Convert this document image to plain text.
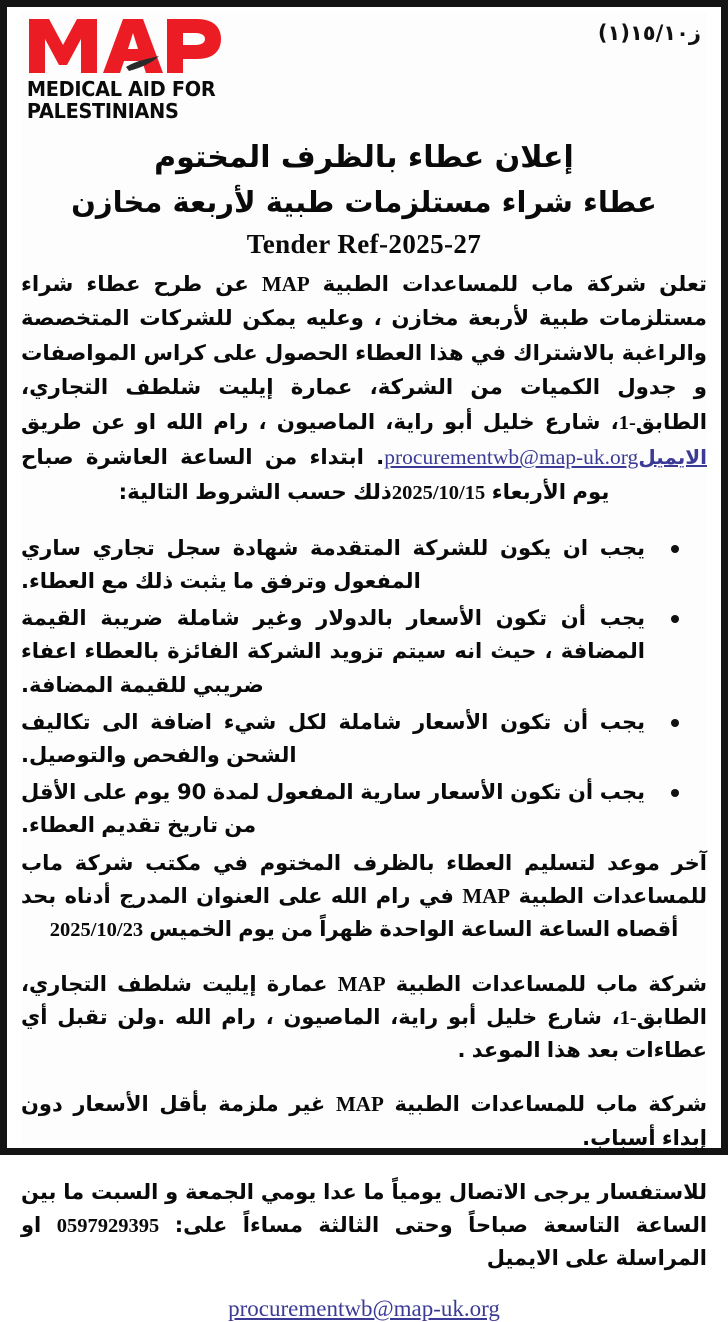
ز١٥/١٠(١)
MEDICAL AID FOR
PALESTINIANS
إعلان عطاء بالظرف المختوم
عطاء شراء مستلزمات طبية لأربعة مخازن
Tender Ref-2025-27

تعلن شركة ماب للمساعدات الطبية MAP عن طرح عطاء شراء مستلزمات طبية لأربعة مخازن ، وعليه يمكن للشركات المتخصصة والراغبة بالاشتراك في هذا العطاء الحصول على كراس المواصفات و جدول الكميات من الشركة، عمارة إيليت شلطف التجاري، الطابق1-، شارع خليل أبو راية، الماصيون ، رام الله او عن طريق الايميلprocurementwb@map-uk.org. ابتداء من الساعة العاشرة صباح يوم الأربعاء 2025/10/15ذلك حسب الشروط التالية:

يجب ان يكون للشركة المتقدمة شهادة سجل تجاري ساري المفعول وترفق ما يثبت ذلك مع العطاء.
يجب أن تكون الأسعار بالدولار وغير شاملة ضريبة القيمة المضافة ، حيث انه سيتم تزويد الشركة الفائزة بالعطاء اعفاء ضريبي للقيمة المضافة.
يجب أن تكون الأسعار شاملة لكل شيء اضافة الى تكاليف الشحن والفحص والتوصيل.
يجب أن تكون الأسعار سارية المفعول لمدة 90 يوم على الأقل من تاريخ تقديم العطاء.

آخر موعد لتسليم العطاء بالظرف المختوم في مكتب شركة ماب للمساعدات الطبية MAP في رام الله على العنوان المدرج أدناه بحد أقصاه الساعة الساعة الواحدة ظهراً من يوم الخميس 2025/10/23

شركة ماب للمساعدات الطبية MAP عمارة إيليت شلطف التجاري، الطابق1-، شارع خليل أبو راية، الماصيون ، رام الله .ولن تقبل أي عطاءات بعد هذا الموعد .

شركة ماب للمساعدات الطبية MAP غير ملزمة بأقل الأسعار دون إبداء أسباب.

للاستفسار يرجى الاتصال يومياً ما عدا يومي الجمعة و السبت ما بين الساعة التاسعة صباحاً وحتى الثالثة مساءاً على: 0597929395 او المراسلة على الايميل

procurementwb@map-uk.org
